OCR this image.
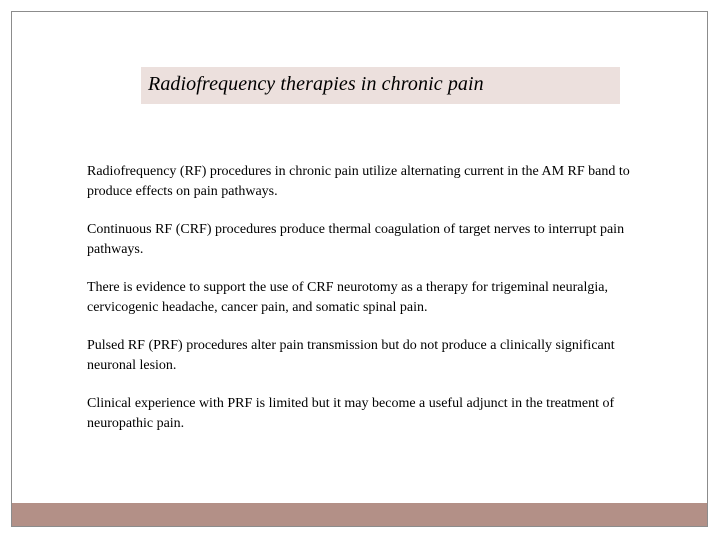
Radiofrequency therapies in chronic pain

Radiofrequency (RF) procedures in chronic pain utilize alternating current in the AM RF band to produce effects on pain pathways.

Continuous RF (CRF) procedures produce thermal coagulation of target nerves to interrupt pain pathways.

There is evidence to support the use of CRF neurotomy as a therapy for trigeminal neuralgia, cervicogenic headache, cancer pain, and somatic spinal pain.

Pulsed RF (PRF) procedures alter pain transmission but do not produce a clinically significant neuronal lesion.

Clinical experience with PRF is limited but it may become a useful adjunct in the treatment of neuropathic pain.
